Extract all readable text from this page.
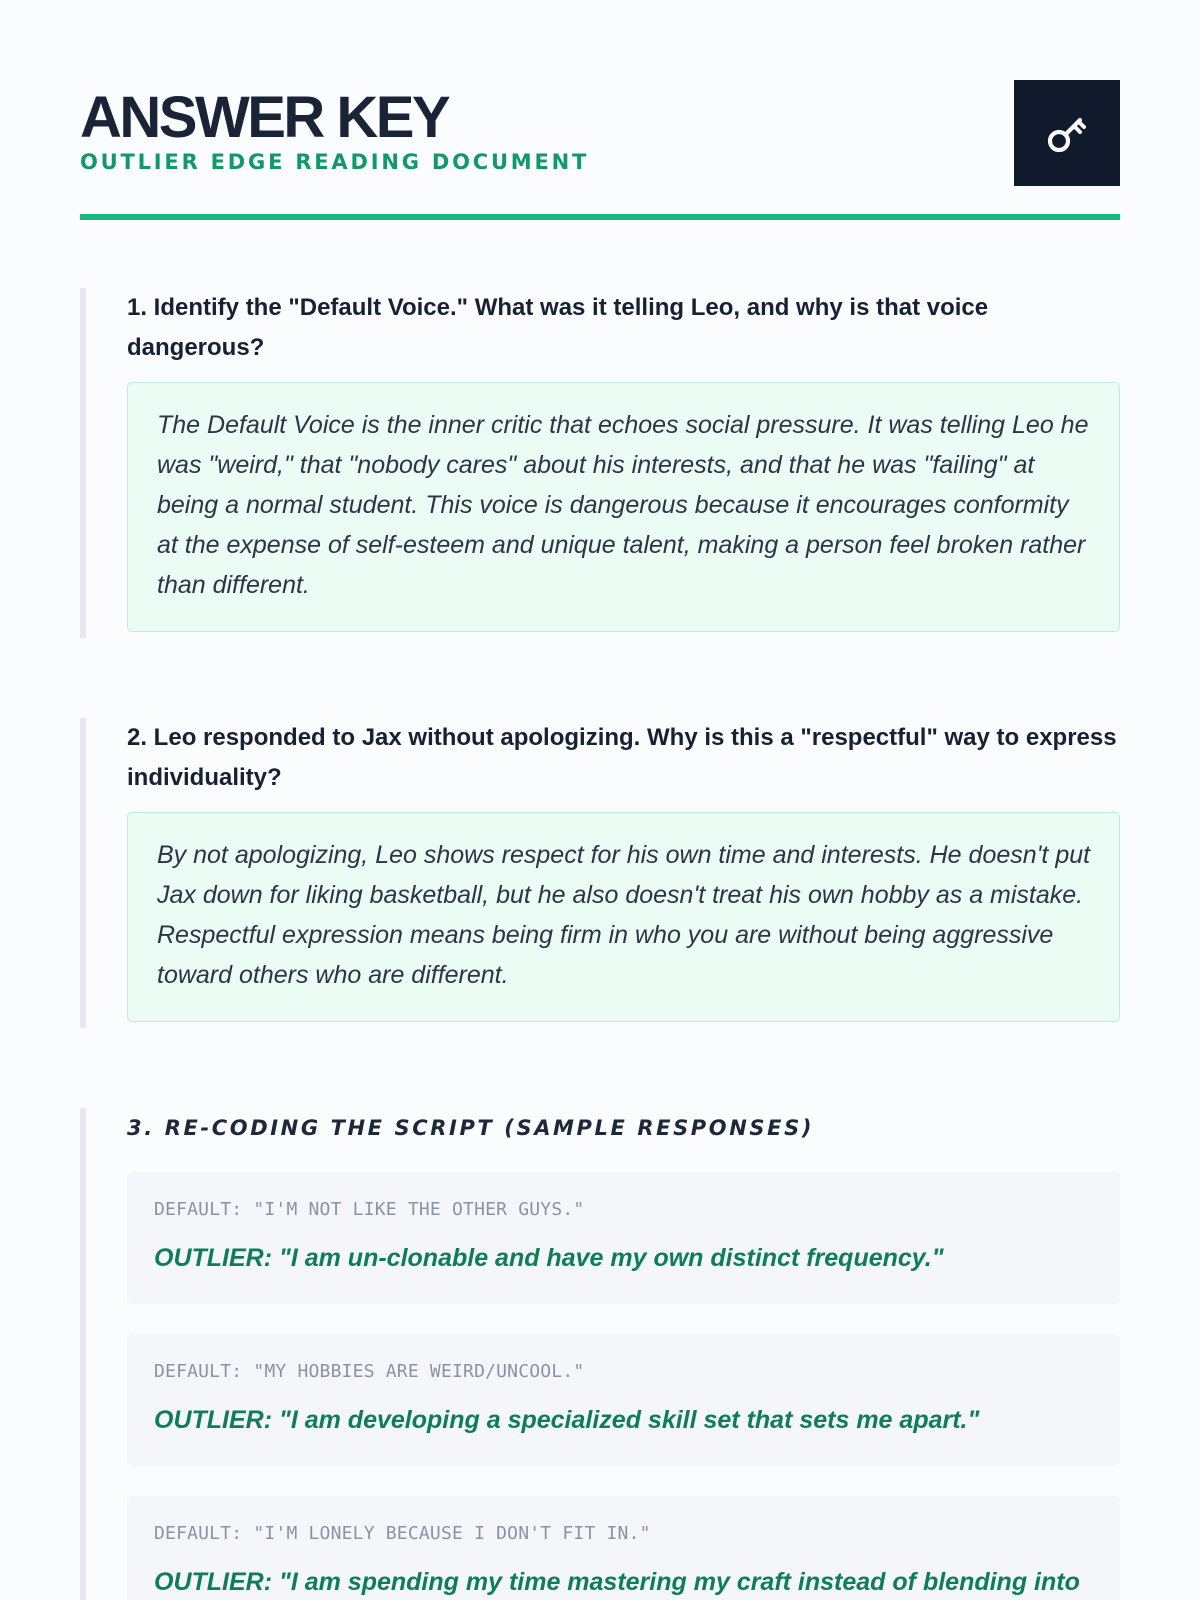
ANSWER KEY
OUTLIER EDGE READING DOCUMENT

1. Identify the "Default Voice." What was it telling Leo, and why is that voice dangerous?

The Default Voice is the inner critic that echoes social pressure. It was telling Leo he was "weird," that "nobody cares" about his interests, and that he was "failing" at being a normal student. This voice is dangerous because it encourages conformity at the expense of self-esteem and unique talent, making a person feel broken rather than different.

2. Leo responded to Jax without apologizing. Why is this a "respectful" way to express individuality?

By not apologizing, Leo shows respect for his own time and interests. He doesn't put Jax down for liking basketball, but he also doesn't treat his own hobby as a mistake. Respectful expression means being firm in who you are without being aggressive toward others who are different.
3. RE-CODING THE SCRIPT (SAMPLE RESPONSES)
DEFAULT: "I'M NOT LIKE THE OTHER GUYS."
OUTLIER: "I am un-clonable and have my own distinct frequency."
DEFAULT: "MY HOBBIES ARE WEIRD/UNCOOL."
OUTLIER: "I am developing a specialized skill set that sets me apart."
DEFAULT: "I'M LONELY BECAUSE I DON'T FIT IN."
OUTLIER: "I am spending my time mastering my craft instead of blending into
